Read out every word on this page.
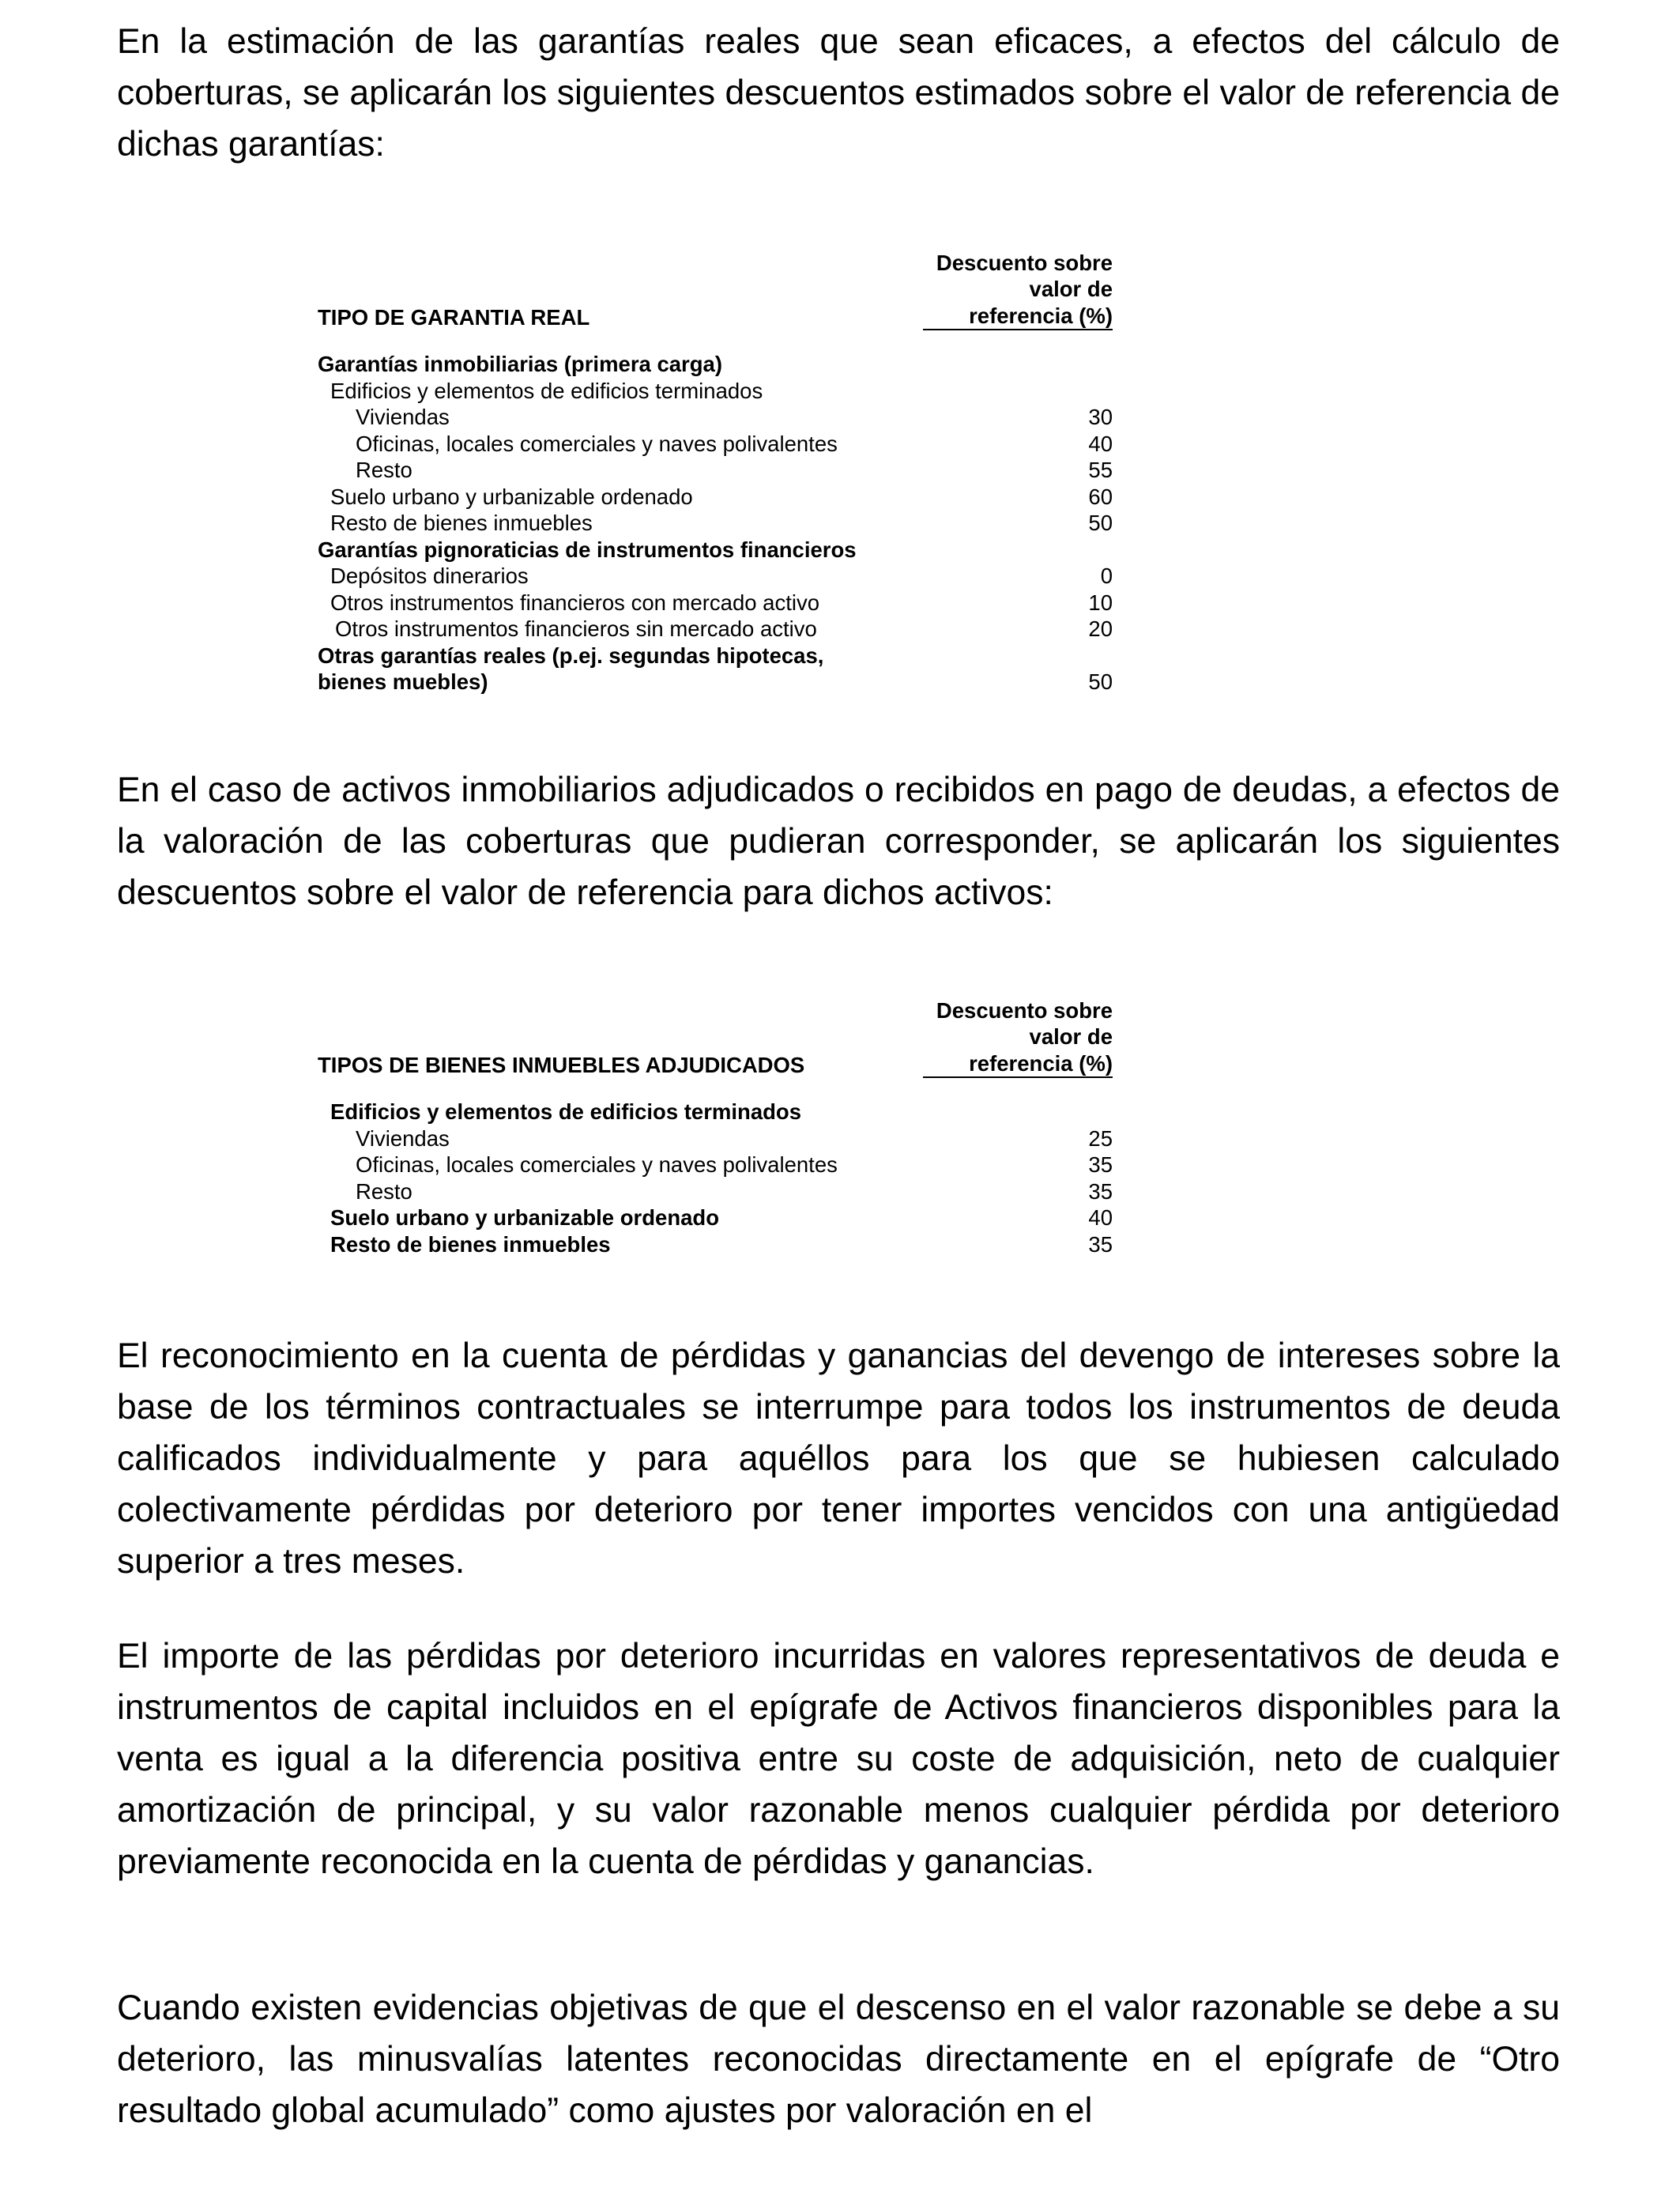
En la estimación de las garantías reales que sean eficaces, a efectos del cálculo de coberturas, se aplicarán los siguientes descuentos estimados sobre el valor de referencia de dichas garantías:

TIPO DE GARANTIA REAL
Descuento sobre
valor de
referencia (%)
Garantías inmobiliarias (primera carga)
Edificios y elementos de edificios terminados
Viviendas	30
Oficinas, locales comerciales y naves polivalentes	40
Resto	55
Suelo urbano y urbanizable ordenado	60
Resto de bienes inmuebles	50
Garantías pignoraticias de instrumentos financieros
Depósitos dinerarios	0
Otros instrumentos financieros con mercado activo	10
Otros instrumentos financieros sin mercado activo	20
Otras garantías reales (p.ej. segundas hipotecas,
bienes muebles)	50

En el caso de activos inmobiliarios adjudicados o recibidos en pago de deudas, a efectos de la valoración de las coberturas que pudieran corresponder, se aplicarán los siguientes descuentos sobre el valor de referencia para dichos activos:

TIPOS DE BIENES INMUEBLES ADJUDICADOS
Descuento sobre
valor de
referencia (%)
Edificios y elementos de edificios terminados
Viviendas	25
Oficinas, locales comerciales y naves polivalentes	35
Resto	35
Suelo urbano y urbanizable ordenado	40
Resto de bienes inmuebles	35

El reconocimiento en la cuenta de pérdidas y ganancias del devengo de intereses sobre la base de los términos contractuales se interrumpe para todos los instrumentos de deuda calificados individualmente y para aquéllos para los que se hubiesen calculado colectivamente pérdidas por deterioro por tener importes vencidos con una antigüedad superior a tres meses.

El importe de las pérdidas por deterioro incurridas en valores representativos de deuda e instrumentos de capital incluidos en el epígrafe de Activos financieros disponibles para la venta es igual a la diferencia positiva entre su coste de adquisición, neto de cualquier amortización de principal, y su valor razonable menos cualquier pérdida por deterioro previamente reconocida en la cuenta de pérdidas y ganancias.

Cuando existen evidencias objetivas de que el descenso en el valor razonable se debe a su deterioro, las minusvalías latentes reconocidas directamente en el epígrafe de “Otro resultado global acumulado” como ajustes por valoración en el
